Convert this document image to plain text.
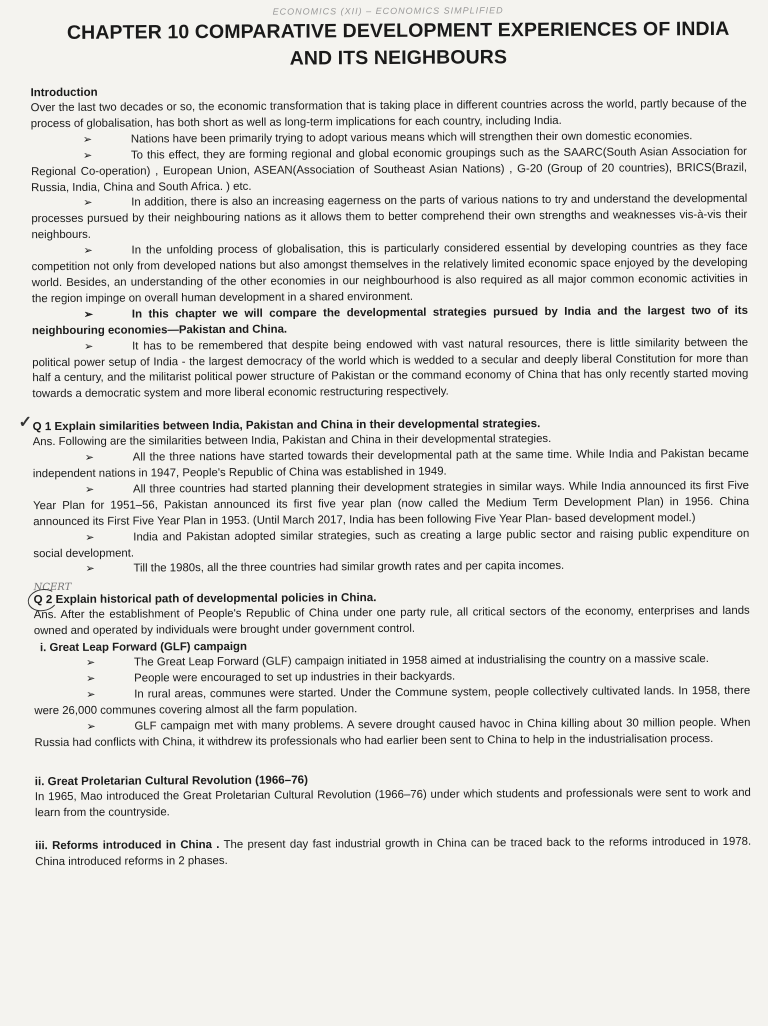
ECONOMICS (XII) – ECONOMICS SIMPLIFIED
CHAPTER 10 COMPARATIVE DEVELOPMENT EXPERIENCES OF INDIA
AND ITS NEIGHBOURS
Introduction

Over the last two decades or so, the economic transformation that is taking place in different countries across the world, partly because of the process of globalisation, has both short as well as long-term implications for each country, including India.

➢	Nations have been primarily trying to adopt various means which will strengthen their own domestic economies.

➢	To this effect, they are forming regional and global economic groupings such as the SAARC(South Asian Association for Regional Co-operation) , European Union, ASEAN(Association of Southeast Asian Nations) , G-20 (Group of 20 countries), BRICS(Brazil, Russia, India, China and South Africa. ) etc.

➢	In addition, there is also an increasing eagerness on the parts of various nations to try and understand the developmental processes pursued by their neighbouring nations as it allows them to better comprehend their own strengths and weaknesses vis-à-vis their neighbours.

➢	In the unfolding process of globalisation, this is particularly considered essential by developing countries as they face competition not only from developed nations but also amongst themselves in the relatively limited economic space enjoyed by the developing world. Besides, an understanding of the other economies in our neighbourhood is also required as all major common economic activities in the region impinge on overall human development in a shared environment.

➢	In this chapter we will compare the developmental strategies pursued by India and the largest two of its neighbouring economies—Pakistan and China.

➢	It has to be remembered that despite being endowed with vast natural resources, there is little similarity between the political power setup of India - the largest democracy of the world which is wedded to a secular and deeply liberal Constitution for more than half a century, and the militarist political power structure of Pakistan or the command economy of China that has only recently started moving towards a democratic system and more liberal economic restructuring respectively.

✓ Q 1 Explain similarities between India, Pakistan and China in their developmental strategies.

Ans. Following are the similarities between India, Pakistan and China in their developmental strategies.

➢	All the three nations have started towards their developmental path at the same time. While India and Pakistan became independent nations in 1947, People's Republic of China was established in 1949.

➢	All three countries had started planning their development strategies in similar ways. While India announced its first Five Year Plan for 1951–56, Pakistan announced its first five year plan (now called the Medium Term Development Plan) in 1956. China announced its First Five Year Plan in 1953. (Until March 2017, India has been following Five Year Plan- based development model.)

➢	India and Pakistan adopted similar strategies, such as creating a large public sector and raising public expenditure on social development.

➢	Till the 1980s, all the three countries had similar growth rates and per capita incomes.

NCERT
Q 2 Explain historical path of developmental policies in China.

Ans. After the establishment of People's Republic of China under one party rule, all critical sectors of the economy, enterprises and lands owned and operated by individuals were brought under government control.

i. Great Leap Forward (GLF) campaign

➢	The Great Leap Forward (GLF) campaign initiated in 1958 aimed at industrialising the country on a massive scale.

➢	People were encouraged to set up industries in their backyards.

➢	In rural areas, communes were started. Under the Commune system, people collectively cultivated lands. In 1958, there were 26,000 communes covering almost all the farm population.

➢	GLF campaign met with many problems. A severe drought caused havoc in China killing about 30 million people. When Russia had conflicts with China, it withdrew its professionals who had earlier been sent to China to help in the industrialisation process.

ii. Great Proletarian Cultural Revolution (1966–76)

In 1965, Mao introduced the Great Proletarian Cultural Revolution (1966–76) under which students and professionals were sent to work and learn from the countryside.

iii. Reforms introduced in China . The present day fast industrial growth in China can be traced back to the reforms introduced in 1978. China introduced reforms in 2 phases.
